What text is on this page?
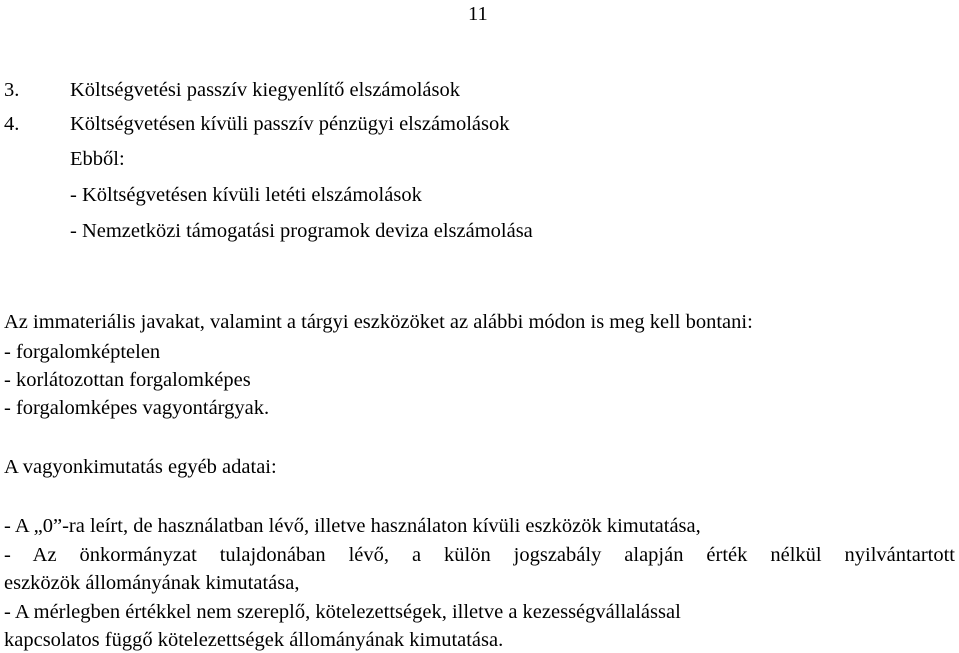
11
3. Költségvetési passzív kiegyenlítő elszámolások
4. Költségvetésen kívüli passzív pénzügyi elszámolások
Ebből:
- Költségvetésen kívüli letéti elszámolások
- Nemzetközi támogatási programok deviza elszámolása
Az immateriális javakat, valamint a tárgyi eszközöket az alábbi módon is meg kell bontani:
- forgalomképtelen
- korlátozottan forgalomképes
- forgalomképes vagyontárgyak.
A vagyonkimutatás egyéb adatai:
- A „0”-ra leírt, de használatban lévő, illetve használaton kívüli eszközök kimutatása,
- Az önkormányzat tulajdonában lévő, a külön jogszabály alapján érték nélkül nyilvántartott
eszközök állományának kimutatása,
- A mérlegben értékkel nem szereplő, kötelezettségek, illetve a kezességvállalással
kapcsolatos függő kötelezettségek állományának kimutatása.
